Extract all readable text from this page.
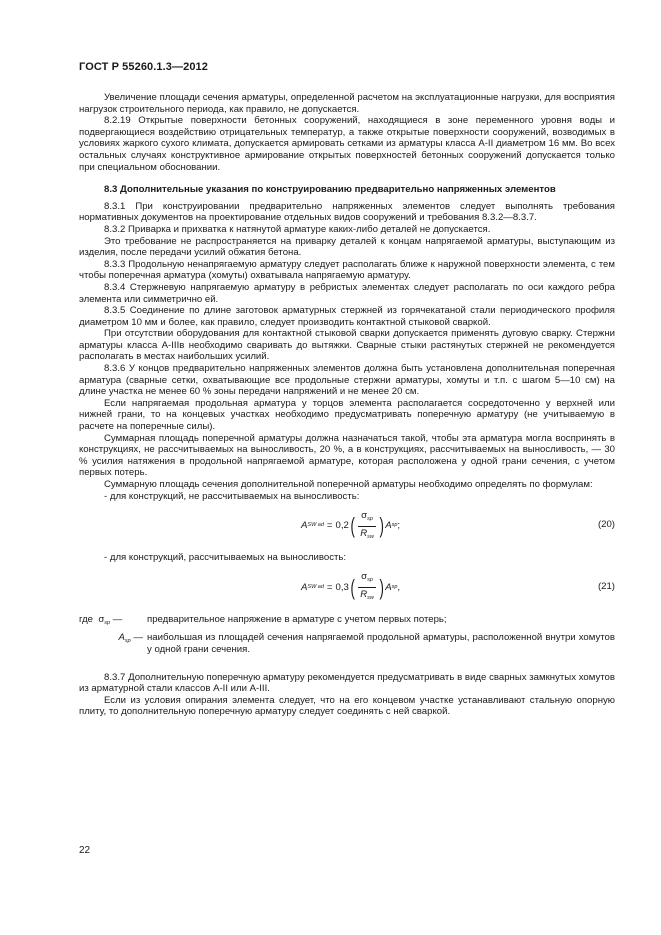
ГОСТ Р 55260.1.3—2012

Увеличение площади сечения арматуры, определенной расчетом на эксплуатационные нагрузки, для восприятия нагрузок строительного периода, как правило, не допускается.

8.2.19 Открытые поверхности бетонных сооружений, находящиеся в зоне переменного уровня воды и подвергающиеся воздействию отрицательных температур, а также открытые поверхности сооружений, возводимых в условиях жаркого сухого климата, допускается армировать сетками из арматуры класса А-II диаметром 16 мм. Во всех остальных случаях конструктивное армирование открытых поверхностей бетонных сооружений допускается только при специальном обосновании.

8.3 Дополнительные указания по конструированию предварительно напряженных элементов

8.3.1 При конструировании предварительно напряженных элементов следует выполнять требования нормативных документов на проектирование отдельных видов сооружений и требования 8.3.2—8.3.7.

8.3.2 Приварка и прихватка к натянутой арматуре каких-либо деталей не допускается.

Это требование не распространяется на приварку деталей к концам напрягаемой арматуры, выступающим из изделия, после передачи усилий обжатия бетона.

8.3.3 Продольную ненапрягаемую арматуру следует располагать ближе к наружной поверхности элемента, с тем чтобы поперечная арматура (хомуты) охватывала напрягаемую арматуру.

8.3.4 Стержневую напрягаемую арматуру в ребристых элементах следует располагать по оси каждого ребра элемента или симметрично ей.

8.3.5 Соединение по длине заготовок арматурных стержней из горячекатаной стали периодического профиля диаметром 10 мм и более, как правило, следует производить контактной стыковой сваркой.

При отсутствии оборудования для контактной стыковой сварки допускается применять дуговую сварку. Стержни арматуры класса А-IIIв необходимо сваривать до вытяжки. Сварные стыки растянутых стержней не рекомендуется располагать в местах наибольших усилий.

8.3.6 У концов предварительно напряженных элементов должна быть установлена дополнительная поперечная арматура (сварные сетки, охватывающие все продольные стержни арматуры, хомуты и т.п. с шагом 5—10 см) на длине участка не менее 60 % зоны передачи напряжений и не менее 20 см.

Если напрягаемая продольная арматура у торцов элемента располагается сосредоточенно у верхней или нижней грани, то на концевых участках необходимо предусматривать поперечную арматуру (не учитываемую в расчете на поперечные силы).

Суммарная площадь поперечной арматуры должна назначаться такой, чтобы эта арматура могла воспринять в конструкциях, не рассчитываемых на выносливость, 20 %, а в конструкциях, рассчитываемых на выносливость, — 30 % усилия натяжения в продольной напрягаемой арматуре, которая расположена у одной грани сечения, с учетом первых потерь.

Суммарную площадь сечения дополнительной поперечной арматуры необходимо определять по формулам:

- для конструкций, не рассчитываемых на выносливость:

A SW ad = 0,2 ( $\frac{\sigma_{sp}}{R_{sw}}$ ) A sp ;	(20)

- для конструкций, рассчитываемых на выносливость:

A SW ad = 0,3 ( $\frac{\sigma_{sp}}{R_{sw}}$ ) A sp ,	(21)
где $\sigma_{sp}$ —	предварительное напряжение в арматуре с учетом первых потерь;
$A_{sp}$ — наибольшая из площадей сечения напрягаемой продольной арматуры, расположенной внутри хомутов у одной грани сечения.

8.3.7 Дополнительную поперечную арматуру рекомендуется предусматривать в виде сварных замкнутых хомутов из арматурной стали классов А-II или А-III.

Если из условия опирания элемента следует, что на его концевом участке устанавливают стальную опорную плиту, то дополнительную поперечную арматуру следует соединять с ней сваркой.

22
